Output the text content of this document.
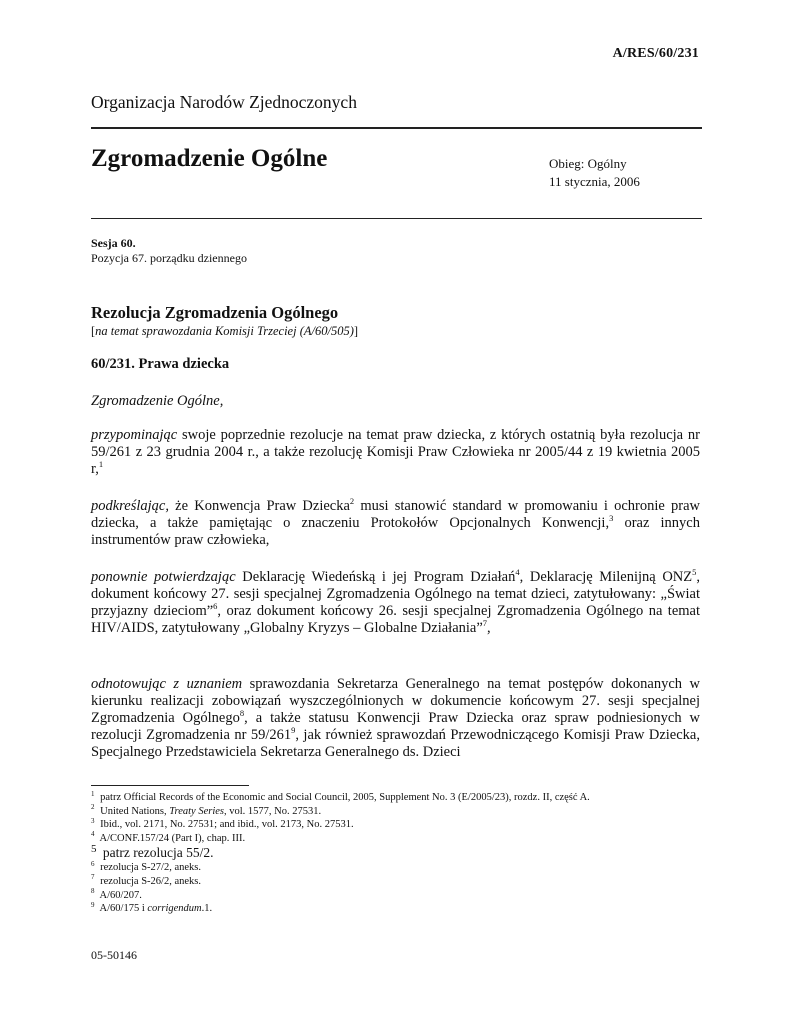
A/RES/60/231
Organizacja Narodów Zjednoczonych
Zgromadzenie Ogólne	Obieg: Ogólny
11 stycznia, 2006
Sesja 60.
Pozycja 67. porządku dziennego
Rezolucja Zgromadzenia Ogólnego
[na temat sprawozdania Komisji Trzeciej (A/60/505)]
60/231. Prawa dziecka
Zgromadzenie Ogólne,
przypominając swoje poprzednie rezolucje na temat praw dziecka, z których ostatnią była rezolucja nr 59/261 z 23 grudnia 2004 r., a także rezolucję Komisji Praw Człowieka nr 2005/44 z 19 kwietnia 2005 r,$^1$
podkreślając, że Konwencja Praw Dziecka$^2$ musi stanowić standard w promowaniu i ochronie praw dziecka, a także pamiętając o znaczeniu Protokołów Opcjonalnych Konwencji,$^3$ oraz innych instrumentów praw człowieka,
ponownie potwierdzając Deklarację Wiedeńską i jej Program Działań$^4$, Deklarację Milenijną ONZ$^5$, dokument końcowy 27. sesji specjalnej Zgromadzenia Ogólnego na temat dzieci, zatytułowany: „Świat przyjazny dzieciom”$^6$, oraz dokument końcowy 26. sesji specjalnej Zgromadzenia Ogólnego na temat HIV/AIDS, zatytułowany „Globalny Kryzys – Globalne Działania”$^7$,
odnotowując z uznaniem sprawozdania Sekretarza Generalnego na temat postępów dokonanych w kierunku realizacji zobowiązań wyszczególnionych w dokumencie końcowym 27. sesji specjalnej Zgromadzenia Ogólnego$^8$, a także statusu Konwencji Praw Dziecka oraz spraw podniesionych w rezolucji Zgromadzenia nr $59/261^9$, jak również sprawozdań Przewodniczącego Komisji Praw Dziecka, Specjalnego Przedstawiciela Sekretarza Generalnego ds. Dzieci
$^1$ patrz Official Records of the Economic and Social Council, 2005, Supplement No. 3 (E/2005/23), rozdz. II, część A.
$^2$ United Nations, Treaty Series, vol. 1577, No. 27531.
$^3$ Ibid., vol. 2171, No. 27531; and ibid., vol. 2173, No. 27531.
$^4$ A/CONF.157/24 (Part I), chap. III.
$^5$ patrz rezolucja 55/2.
$^6$ rezolucja S-27/2, aneks.
$^7$ rezolucja S-26/2, aneks.
$^8$ A/60/207.
$^9$ A/60/175 i corrigendum.1.
05-50146
